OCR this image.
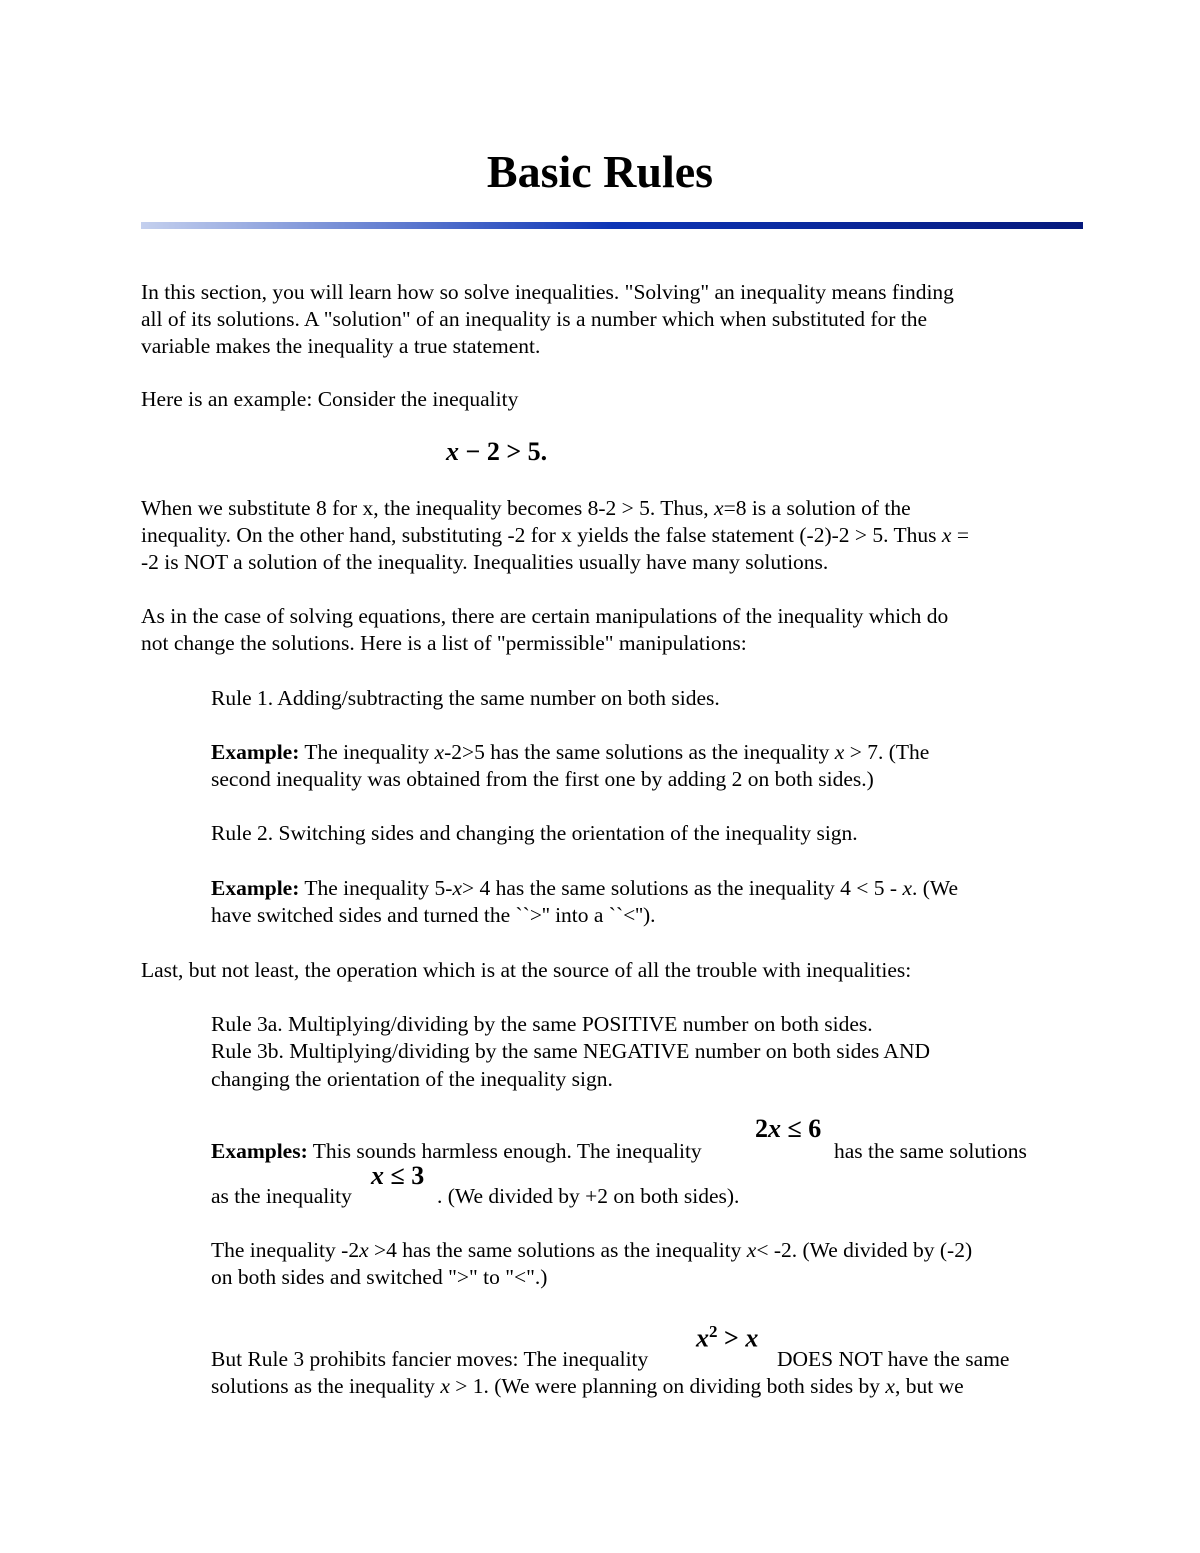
Basic Rules
In this section, you will learn how so solve inequalities. "Solving" an inequality means finding
all of its solutions. A "solution" of an inequality is a number which when substituted for the
variable makes the inequality a true statement.
Here is an example: Consider the inequality
x − 2 > 5.
When we substitute 8 for x, the inequality becomes 8-2 > 5. Thus, x=8 is a solution of the
inequality. On the other hand, substituting -2 for x yields the false statement (-2)-2 > 5. Thus x =
-2 is NOT a solution of the inequality. Inequalities usually have many solutions.
As in the case of solving equations, there are certain manipulations of the inequality which do
not change the solutions. Here is a list of "permissible" manipulations:
Rule 1. Adding/subtracting the same number on both sides.
Example: The inequality x-2>5 has the same solutions as the inequality x > 7. (The
second inequality was obtained from the first one by adding 2 on both sides.)
Rule 2. Switching sides and changing the orientation of the inequality sign.
Example: The inequality 5-x> 4 has the same solutions as the inequality 4 < 5 - x. (We
have switched sides and turned the ``>'' into a ``<'').
Last, but not least, the operation which is at the source of all the trouble with inequalities:
Rule 3a. Multiplying/dividing by the same POSITIVE number on both sides.
Rule 3b. Multiplying/dividing by the same NEGATIVE number on both sides AND
changing the orientation of the inequality sign.
2x ≤ 6
Examples: This sounds harmless enough. The inequality	has the same solutions
x ≤ 3
as the inequality	. (We divided by +2 on both sides).
The inequality -2x >4 has the same solutions as the inequality x< -2. (We divided by (-2)
on both sides and switched ">" to "<".)
$x^2 > x$
But Rule 3 prohibits fancier moves: The inequality	DOES NOT have the same
solutions as the inequality x > 1. (We were planning on dividing both sides by x, but we
